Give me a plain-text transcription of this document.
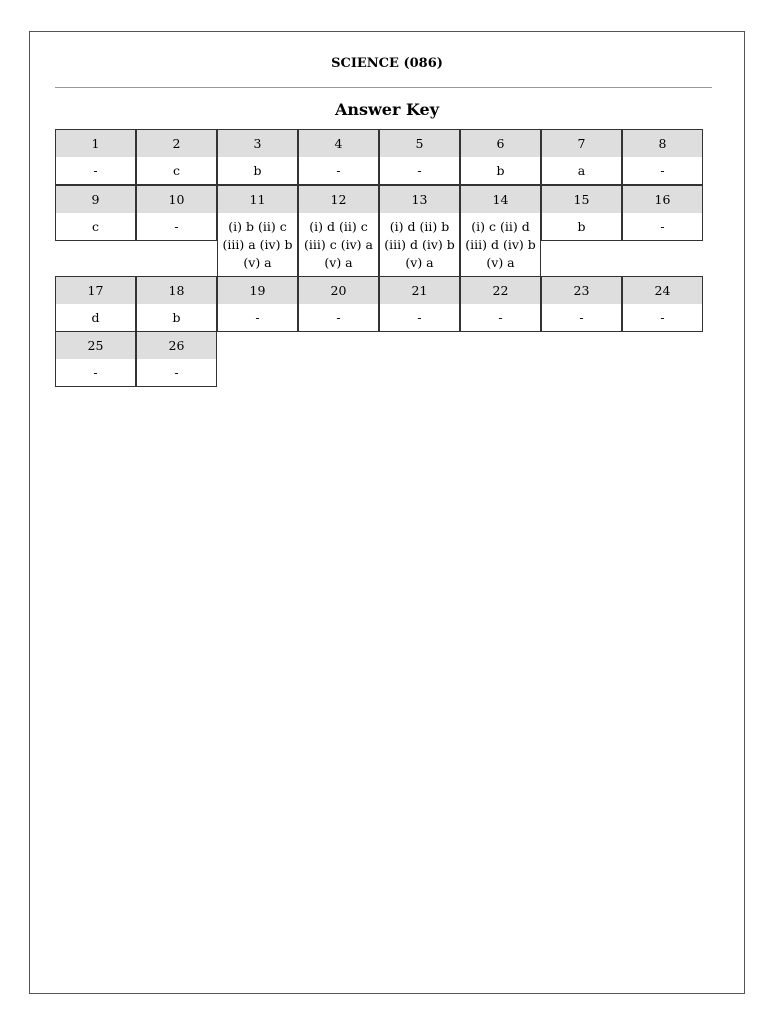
SCIENCE (086)
Answer Key
1
-
2
c
3
b
4
-
5
-
6
b
7
a
8
-
9
c
10
-
11
(i) b (ii) c (iii) a (iv) b (v) a
12
(i) d (ii) c (iii) c (iv) a (v) a
13
(i) d (ii) b (iii) d (iv) b (v) a
14
(i) c (ii) d (iii) d (iv) b (v) a
15
b
16
-
17
d
18
b
19
-
20
-
21
-
22
-
23
-
24
-
25
-
26
-
